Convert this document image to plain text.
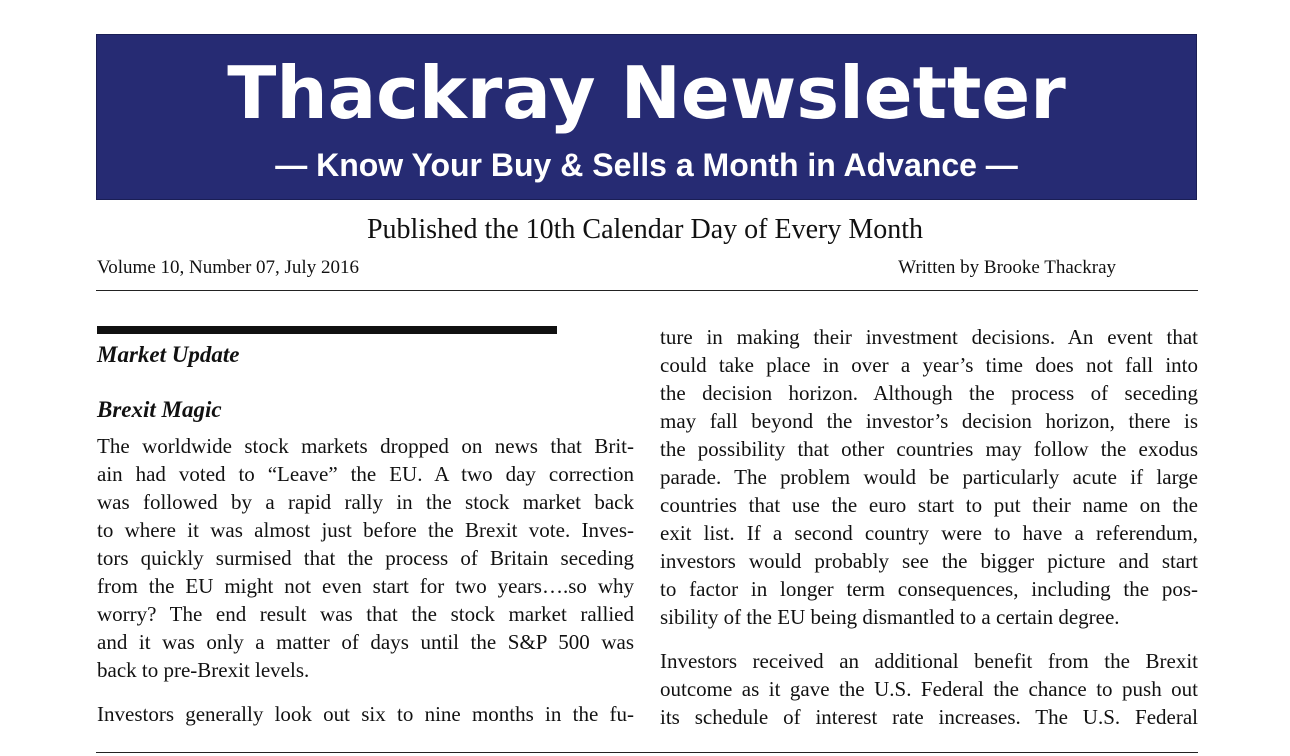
Thackray Newsletter
— Know Your Buy & Sells a Month in Advance —
Published the 10th Calendar Day of Every Month
Volume 10, Number 07, July 2016	Written by Brooke Thackray
Market Update
Brexit Magic
The worldwide stock markets dropped on news that Brit-
ain had voted to “Leave” the EU. A two day correction
was followed by a rapid rally in the stock market back
to where it was almost just before the Brexit vote. Inves-
tors quickly surmised that the process of Britain seceding
from the EU might not even start for two years….so why
worry? The end result was that the stock market rallied
and it was only a matter of days until the S&P 500 was
back to pre-Brexit levels.
Investors generally look out six to nine months in the fu-
ture in making their investment decisions. An event that
could take place in over a year’s time does not fall into
the decision horizon. Although the process of seceding
may fall beyond the investor’s decision horizon, there is
the possibility that other countries may follow the exodus
parade. The problem would be particularly acute if large
countries that use the euro start to put their name on the
exit list. If a second country were to have a referendum,
investors would probably see the bigger picture and start
to factor in longer term consequences, including the pos-
sibility of the EU being dismantled to a certain degree.
Investors received an additional benefit from the Brexit
outcome as it gave the U.S. Federal the chance to push out
its schedule of interest rate increases. The U.S. Federal
